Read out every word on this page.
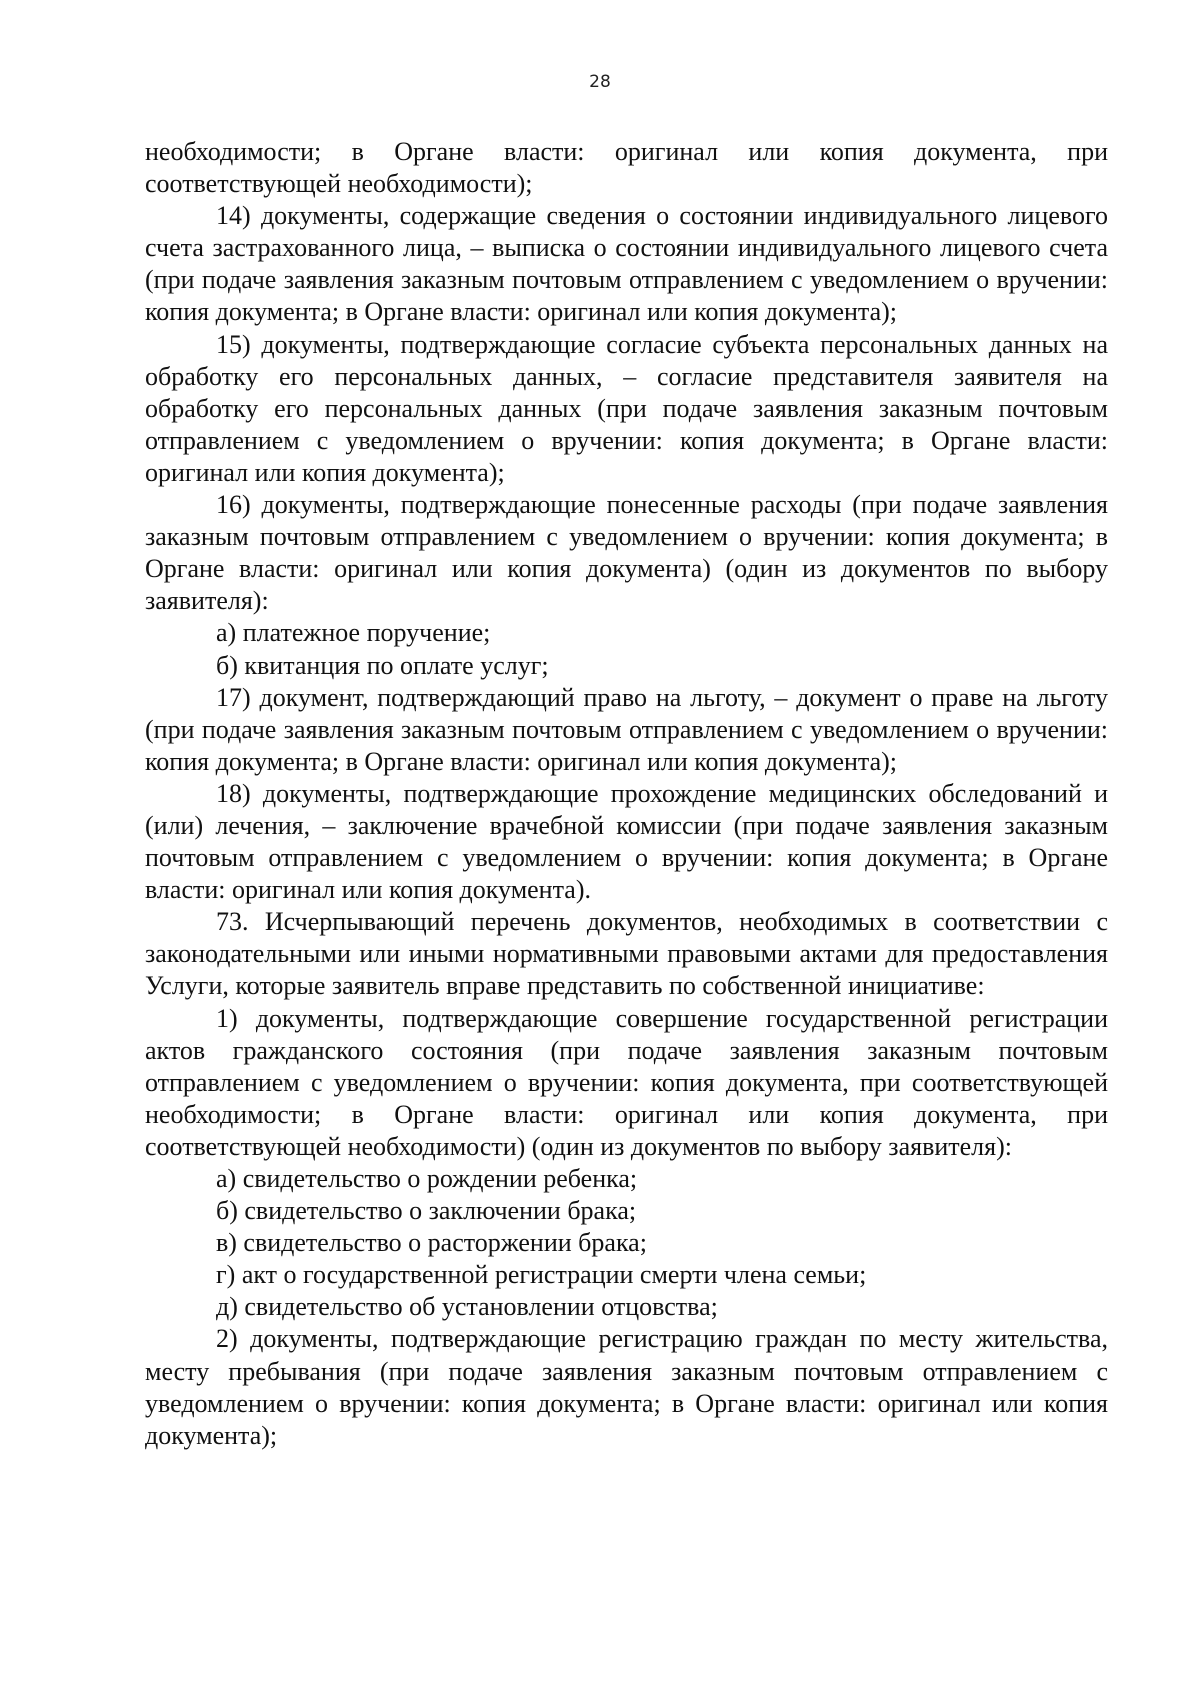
28

необходимости; в Органе власти: оригинал или копия документа, при соответствующей необходимости);

14) документы, содержащие сведения о состоянии индивидуального лицевого счета застрахованного лица, – выписка о состоянии индивидуального лицевого счета (при подаче заявления заказным почтовым отправлением с уведомлением о вручении: копия документа; в Органе власти: оригинал или копия документа);

15) документы, подтверждающие согласие субъекта персональных данных на обработку его персональных данных, – согласие представителя заявителя на обработку его персональных данных (при подаче заявления заказным почтовым отправлением с уведомлением о вручении: копия документа; в Органе власти: оригинал или копия документа);

16) документы, подтверждающие понесенные расходы (при подаче заявления заказным почтовым отправлением с уведомлением о вручении: копия документа; в Органе власти: оригинал или копия документа) (один из документов по выбору заявителя):

а) платежное поручение;

б) квитанция по оплате услуг;

17) документ, подтверждающий право на льготу, – документ о праве на льготу (при подаче заявления заказным почтовым отправлением с уведомлением о вручении: копия документа; в Органе власти: оригинал или копия документа);

18) документы, подтверждающие прохождение медицинских обследований и (или) лечения, – заключение врачебной комиссии (при подаче заявления заказным почтовым отправлением с уведомлением о вручении: копия документа; в Органе власти: оригинал или копия документа).

73. Исчерпывающий перечень документов, необходимых в соответствии с законодательными или иными нормативными правовыми актами для предоставления Услуги, которые заявитель вправе представить по собственной инициативе:

1) документы, подтверждающие совершение государственной регистрации актов гражданского состояния (при подаче заявления заказным почтовым отправлением с уведомлением о вручении: копия документа, при соответствующей необходимости; в Органе власти: оригинал или копия документа, при соответствующей необходимости) (один из документов по выбору заявителя):

а) свидетельство о рождении ребенка;

б) свидетельство о заключении брака;

в) свидетельство о расторжении брака;

г) акт о государственной регистрации смерти члена семьи;

д) свидетельство об установлении отцовства;

2) документы, подтверждающие регистрацию граждан по месту жительства, месту пребывания (при подаче заявления заказным почтовым отправлением с уведомлением о вручении: копия документа; в Органе власти: оригинал или копия документа);
